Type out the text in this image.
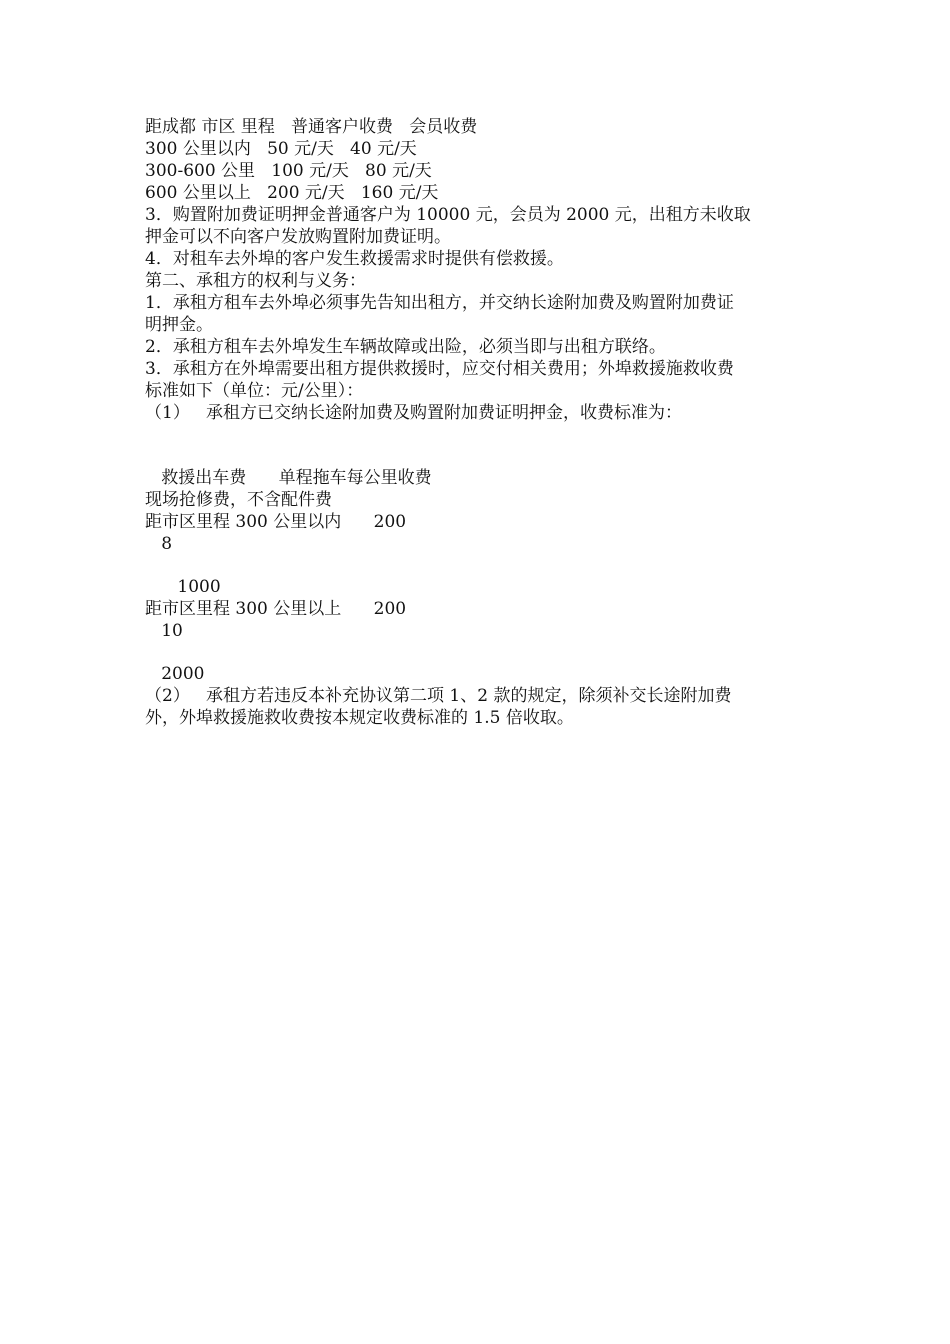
距成都 市区 里程   普通客户收费   会员收费
300 公里以内   50 元/天   40 元/天
300-600 公里   100 元/天   80 元/天
600 公里以上   200 元/天   160 元/天
3．购置附加费证明押金普通客户为 10000 元，会员为 2000 元，出租方未收取
押金可以不向客户发放购置附加费证明。
4．对租车去外埠的客户发生救援需求时提供有偿救援。
第二、承租方的权利与义务：
1．承租方租车去外埠必须事先告知出租方，并交纳长途附加费及购置附加费证
明押金。
2．承租方租车去外埠发生车辆故障或出险，必须当即与出租方联络。
3．承租方在外埠需要出租方提供救援时，应交付相关费用；外埠救援施救收费
标准如下（单位：元/公里）：
（1）   承租方已交纳长途附加费及购置附加费证明押金，收费标准为：
救援出车费      单程拖车每公里收费
现场抢修费，不含配件费
距市区里程 300 公里以内      200
8
1000
距市区里程 300 公里以上      200
10
2000
（2）   承租方若违反本补充协议第二项 1、2 款的规定，除须补交长途附加费
外，外埠救援施救收费按本规定收费标准的 1.5 倍收取。
